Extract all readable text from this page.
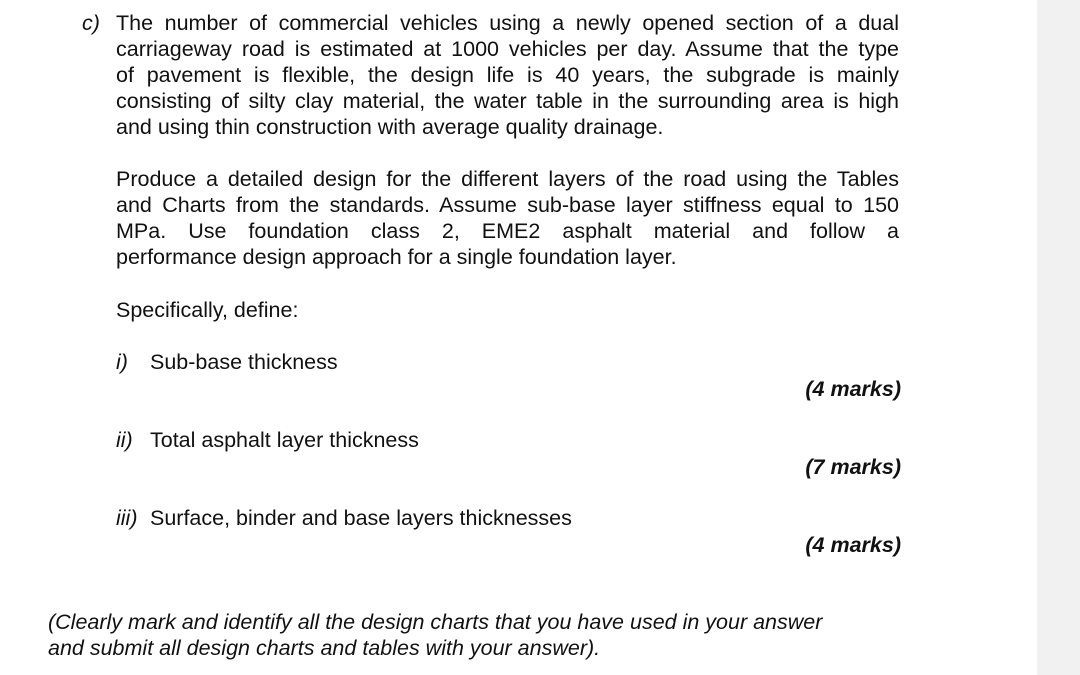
c) The number of commercial vehicles using a newly opened section of a dual
carriageway road is estimated at 1000 vehicles per day. Assume that the type
of pavement is flexible, the design life is 40 years, the subgrade is mainly
consisting of silty clay material, the water table in the surrounding area is high
and using thin construction with average quality drainage.
Produce a detailed design for the different layers of the road using the Tables
and Charts from the standards. Assume sub-base layer stiffness equal to 150
MPa. Use foundation class 2, EME2 asphalt material and follow a
performance design approach for a single foundation layer.
Specifically, define:
i) Sub-base thickness
(4 marks)
ii) Total asphalt layer thickness
(7 marks)
iii) Surface, binder and base layers thicknesses
(4 marks)
(Clearly mark and identify all the design charts that you have used in your answer
and submit all design charts and tables with your answer).
